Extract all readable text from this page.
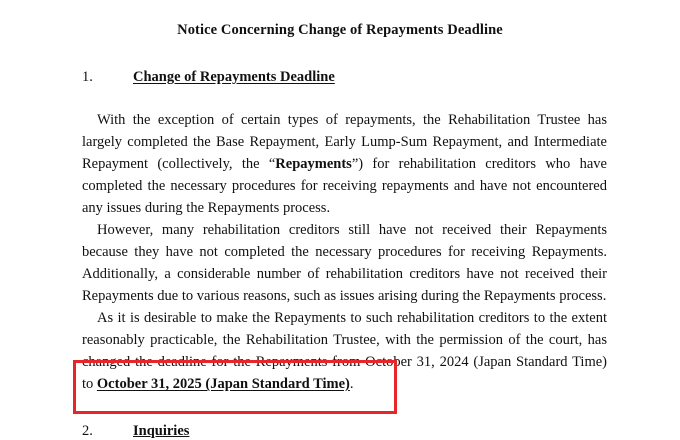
Notice Concerning Change of Repayments Deadline
1.	Change of Repayments Deadline
With the exception of certain types of repayments, the Rehabilitation Trustee has
largely completed the Base Repayment, Early Lump-Sum Repayment, and Intermediate
Repayment (collectively, the “Repayments”) for rehabilitation creditors who have
completed the necessary procedures for receiving repayments and have not encountered
any issues during the Repayments process.
However, many rehabilitation creditors still have not received their Repayments
because they have not completed the necessary procedures for receiving Repayments.
Additionally, a considerable number of rehabilitation creditors have not received their
Repayments due to various reasons, such as issues arising during the Repayments process.
As it is desirable to make the Repayments to such rehabilitation creditors to the extent
reasonably practicable, the Rehabilitation Trustee, with the permission of the court, has
changed the deadline for the Repayments from October 31, 2024 (Japan Standard Time)
to October 31, 2025 (Japan Standard Time).
2.	Inquiries
